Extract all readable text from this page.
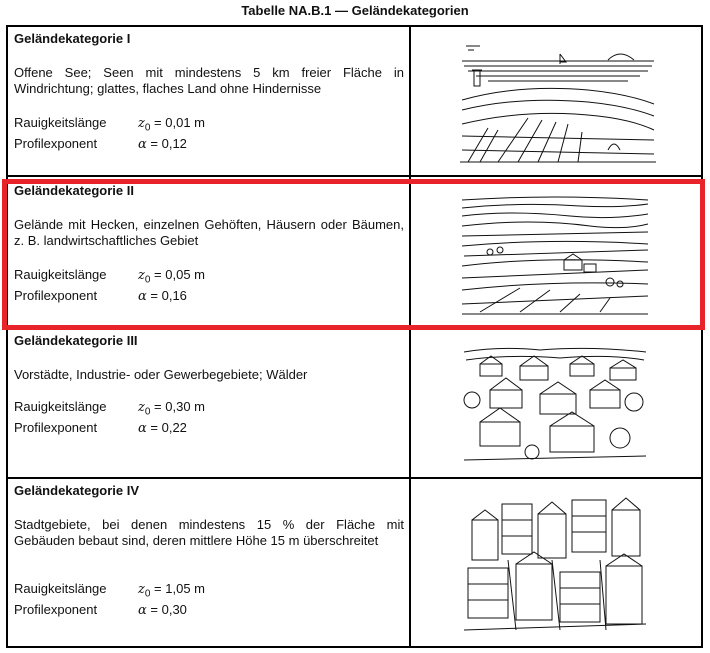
Tabelle NA.B.1 — Geländekategorien
Geländekategorie I

Offene See; Seen mit mindestens 5 km freier Fläche in Windrichtung; glattes, flaches Land ohne Hindernisse

Rauigkeitslänge $z_0 = 0,01$ m
Profilexponent	α = 0,12
Geländekategorie II

Gelände mit Hecken, einzelnen Gehöften, Häusern oder Bäumen, z. B. landwirtschaftliches Gebiet

Rauigkeitslänge $z_0 = 0,05$ m
Profilexponent	α = 0,16
Geländekategorie III

Vorstädte, Industrie- oder Gewerbegebiete; Wälder

Rauigkeitslänge $z_0 = 0,30$ m
Profilexponent	α = 0,22
Geländekategorie IV

Stadtgebiete, bei denen mindestens 15 % der Fläche mit Gebäuden bebaut sind, deren mittlere Höhe 15 m überschreitet

Rauigkeitslänge $z_0 = 1,05$ m
Profilexponent	α = 0,30
